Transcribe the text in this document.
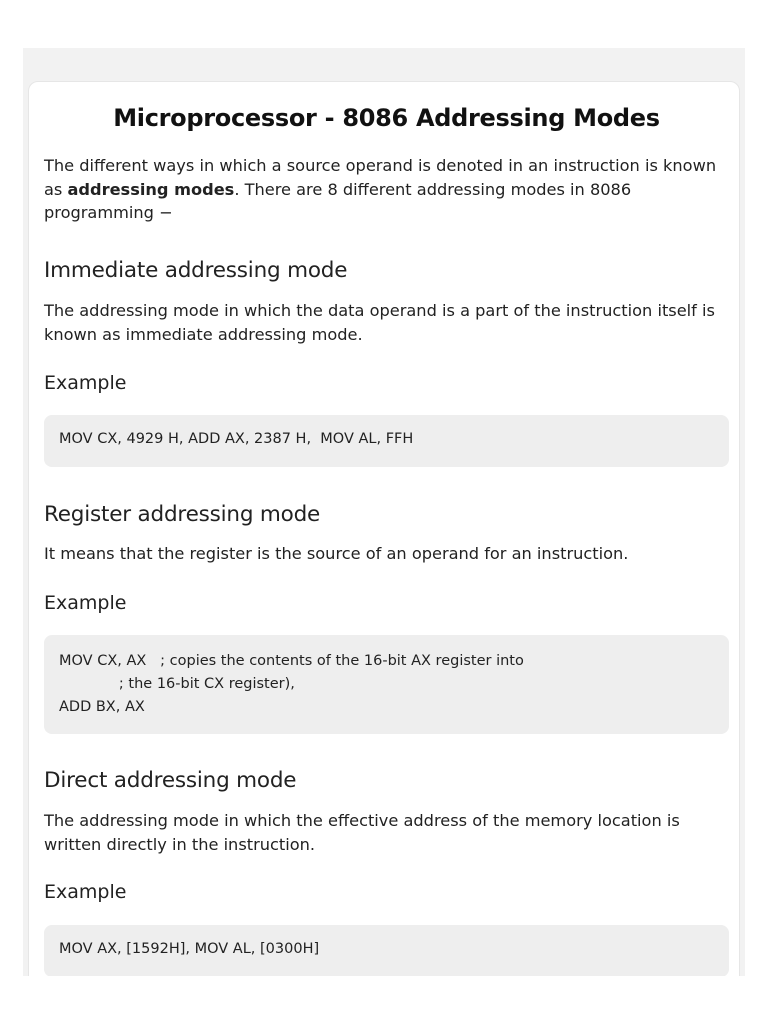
Microprocessor - 8086 Addressing Modes

The different ways in which a source operand is denoted in an instruction is known as addressing modes. There are 8 different addressing modes in 8086 programming −

Immediate addressing mode

The addressing mode in which the data operand is a part of the instruction itself is known as immediate addressing mode.

Example
MOV CX, 4929 H, ADD AX, 2387 H,  MOV AL, FFH
Register addressing mode

It means that the register is the source of an operand for an instruction.

Example
MOV CX, AX   ; copies the contents of the 16-bit AX register into
; the 16-bit CX register),
ADD BX, AX
Direct addressing mode

The addressing mode in which the effective address of the memory location is written directly in the instruction.

Example
MOV AX, [1592H], MOV AL, [0300H]
